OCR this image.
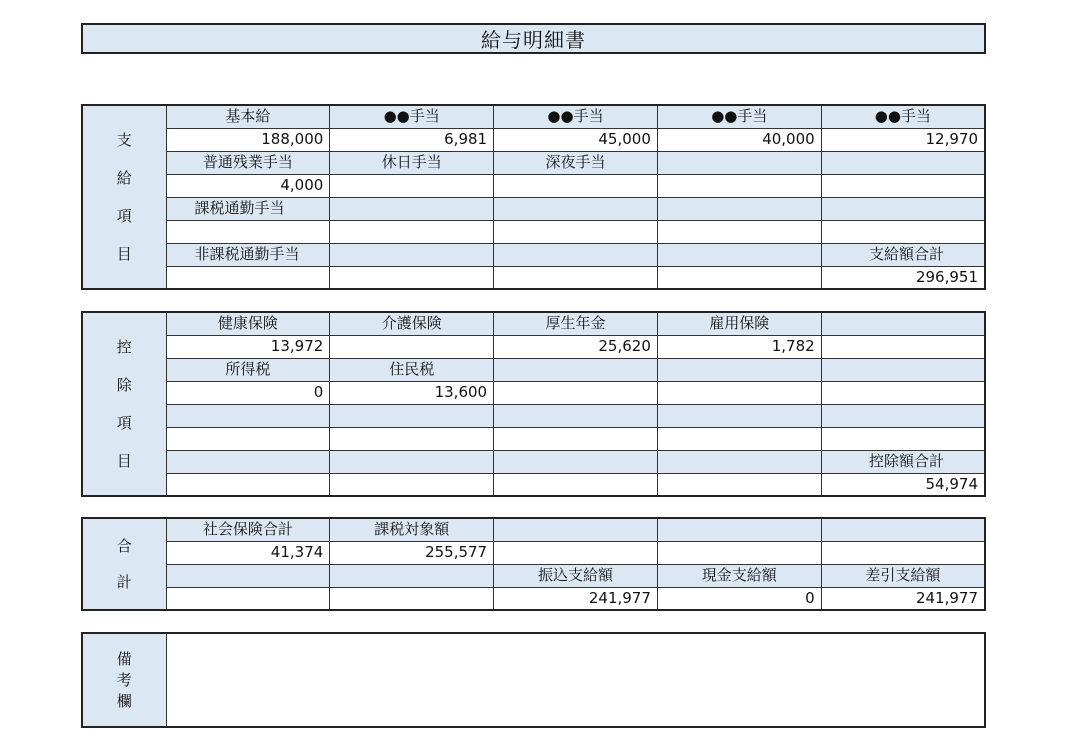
給与明細書
支
給
項
目	基本給	●●手当	●●手当	●●手当	●●手当
	188,000	6,981	45,000	40,000	12,970
	普通残業手当	休日手当	深夜手当		
	4,000				
	課税通勤手当				

	非課税通勤手当				支給額合計
					296,951
控
除
項
目	健康保険	介護保険	厚生年金	雇用保険	
	13,972		25,620	1,782	
	所得税	住民税			
	0	13,600			

					控除額合計
					54,974
合
計	社会保険合計	課税対象額			
	41,374	255,577			
			振込支給額	現金支給額	差引支給額
			241,977	0	241,977
備
考
欄
